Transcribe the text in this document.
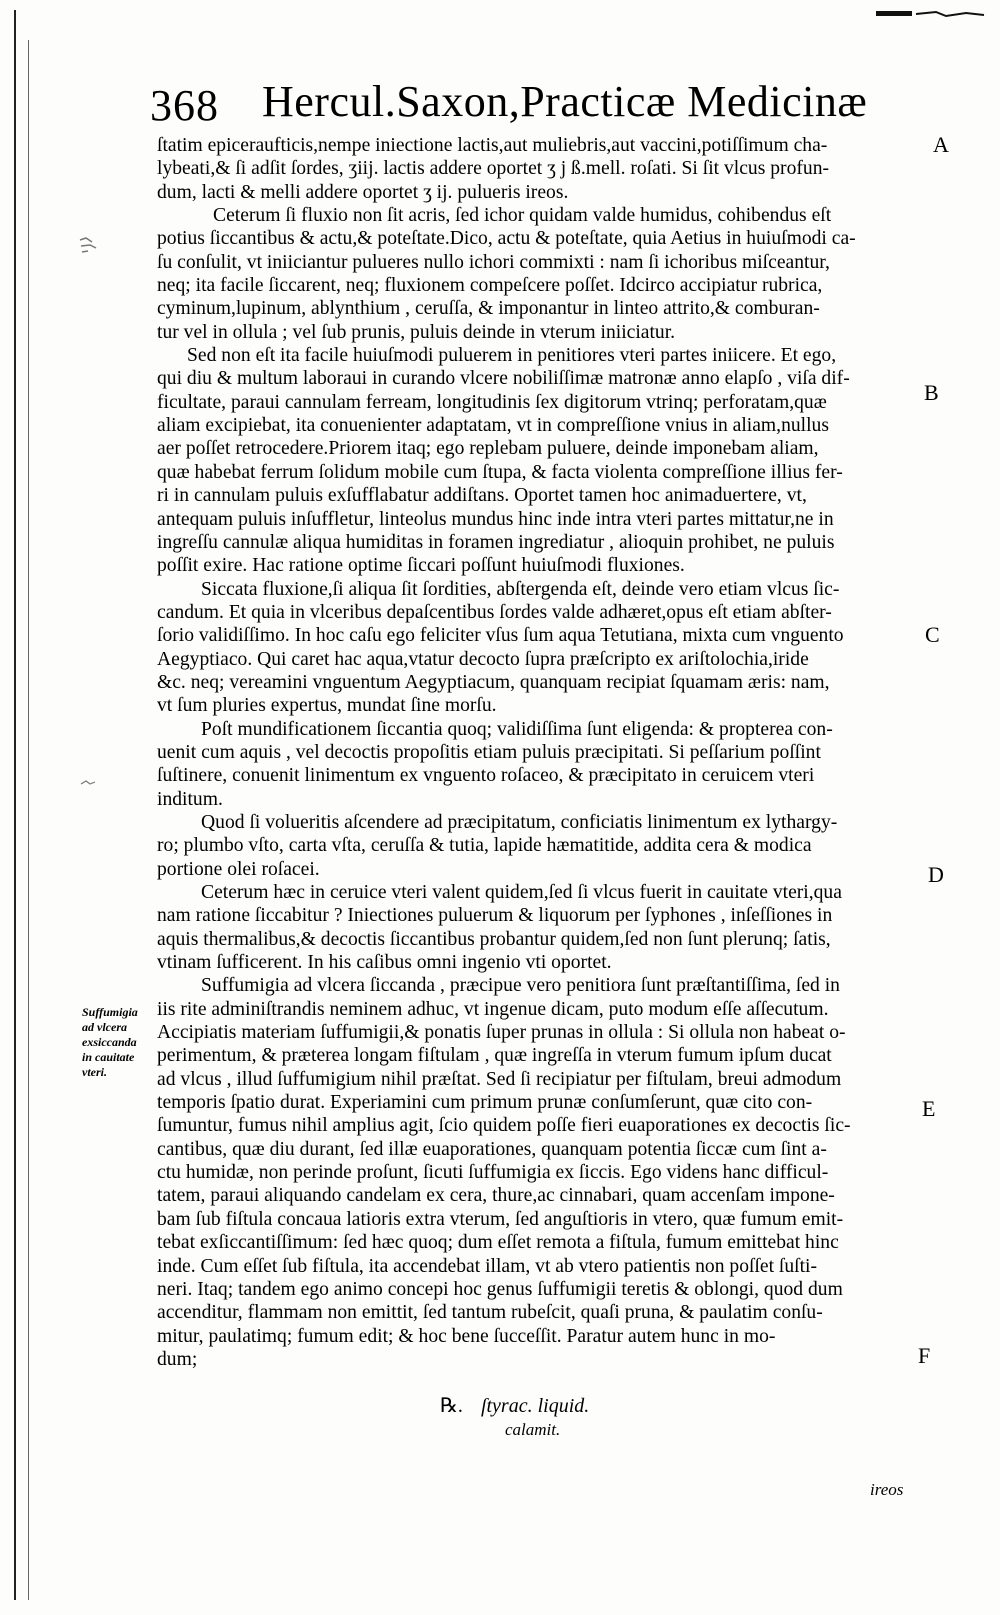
368 Hercul.Saxon,Practicæ Medicinæ
ſtatim epiceraufticis,nempe iniectione lactis,aut muliebris,aut vaccini,potiſſimum cha-
lybeati,& ſi adſit ſordes, ʒiij. lactis addere oportet ʒ j ß.mell. roſati. Si ſit vlcus profun-
dum, lacti & melli addere oportet ʒ ij. pulueris ireos.
Ceterum ſi fluxio non ſit acris, ſed ichor quidam valde humidus, cohibendus eſt
potius ſiccantibus & actu,& poteſtate.Dico, actu & poteſtate, quia Aetius in huiuſmodi ca-
ſu conſulit, vt iniiciantur pulueres nullo ichori commixti : nam ſi ichoribus miſceantur,
neq; ita facile ſiccarent, neq; fluxionem compeſcere poſſet. Idcirco accipiatur rubrica,
cyminum,lupinum, ablynthium , ceruſſa, & imponantur in linteo attrito,& comburan-
tur vel in ollula ; vel ſub prunis, puluis deinde in vterum iniiciatur.
Sed non eſt ita facile huiuſmodi puluerem in penitiores vteri partes iniicere. Et ego,
qui diu & multum laboraui in curando vlcere nobiliſſimæ matronæ anno elapſo , viſa dif-
ficultate, paraui cannulam ferream, longitudinis ſex digitorum vtrinq; perforatam,quæ
aliam excipiebat, ita conuenienter adaptatam, vt in compreſſione vnius in aliam,nullus
aer poſſet retrocedere.Priorem itaq; ego replebam puluere, deinde imponebam aliam,
quæ habebat ferrum ſolidum mobile cum ſtupa, & facta violenta compreſſione illius fer-
ri in cannulam puluis exſufflabatur addiſtans. Oportet tamen hoc animaduertere, vt,
antequam puluis inſuffletur, linteolus mundus hinc inde intra vteri partes mittatur,ne in
ingreſſu cannulæ aliqua humiditas in foramen ingrediatur , alioquin prohibet, ne puluis
poſſit exire. Hac ratione optime ſiccari poſſunt huiuſmodi fluxiones.
Siccata fluxione,ſi aliqua ſit ſordities, abſtergenda eſt, deinde vero etiam vlcus ſic-
candum. Et quia in vlceribus depaſcentibus ſordes valde adhæret,opus eſt etiam abſter-
ſorio validiſſimo. In hoc caſu ego feliciter vſus ſum aqua Tetutiana, mixta cum vnguento
Aegyptiaco. Qui caret hac aqua,vtatur decocto ſupra præſcripto ex ariſtolochia,iride
&c. neq; vereamini vnguentum Aegyptiacum, quanquam recipiat ſquamam æris: nam,
vt ſum pluries expertus, mundat ſine morſu.
Poſt mundificationem ſiccantia quoq; validiſſima ſunt eligenda: & propterea con-
uenit cum aquis , vel decoctis propoſitis etiam puluis præcipitati. Si peſſarium poſſint
ſuſtinere, conuenit linimentum ex vnguento roſaceo, & præcipitato in ceruicem vteri
inditum.
Quod ſi volueritis aſcendere ad præcipitatum, conficiatis linimentum ex lythargy-
ro; plumbo vſto, carta vſta, ceruſſa & tutia, lapide hæmatitide, addita cera & modica
portione olei roſacei.
Ceterum hæc in ceruice vteri valent quidem,ſed ſi vlcus fuerit in cauitate vteri,qua
nam ratione ſiccabitur ? Iniectiones puluerum & liquorum per ſyphones , inſeſſiones in
aquis thermalibus,& decoctis ſiccantibus probantur quidem,ſed non ſunt plerunq; ſatis,
vtinam ſufficerent. In his caſibus omni ingenio vti oportet.
Suffumigia ad vlcera ſiccanda , præcipue vero penitiora ſunt præſtantiſſima, ſed in
iis rite adminiſtrandis neminem adhuc, vt ingenue dicam, puto modum eſſe aſſecutum.
Accipiatis materiam ſuffumigii,& ponatis ſuper prunas in ollula : Si ollula non habeat o-
perimentum, & præterea longam fiſtulam , quæ ingreſſa in vterum fumum ipſum ducat
ad vlcus , illud ſuffumigium nihil præſtat. Sed ſi recipiatur per fiſtulam, breui admodum
temporis ſpatio durat. Experiamini cum primum prunæ conſumſerunt, quæ cito con-
ſumuntur, fumus nihil amplius agit, ſcio quidem poſſe fieri euaporationes ex decoctis ſic-
cantibus, quæ diu durant, ſed illæ euaporationes, quanquam potentia ſiccæ cum ſint a-
ctu humidæ, non perinde proſunt, ſicuti ſuffumigia ex ſiccis. Ego videns hanc difficul-
tatem, paraui aliquando candelam ex cera, thure,ac cinnabari, quam accenſam impone-
bam ſub fiſtula concaua latioris extra vterum, ſed anguſtioris in vtero, quæ fumum emit-
tebat exſiccantiſſimum: ſed hæc quoq; dum eſſet remota a fiſtula, fumum emittebat hinc
inde. Cum eſſet ſub fiſtula, ita accendebat illam, vt ab vtero patientis non poſſet ſuſti-
neri. Itaq; tandem ego animo concepi hoc genus ſuffumigii teretis & oblongi, quod dum
accenditur, flammam non emittit, ſed tantum rubeſcit, quaſi pruna, & paulatim conſu-
mitur, paulatimq; fumum edit; & hoc bene ſucceſſit. Paratur autem hunc in mo-
dum;
A
B
C
D
E
F
Suffumigia
ad vlcera
exsiccanda
in cauitate
vteri.
℞. ſtyrac. liquid.
calamit.
ireos
